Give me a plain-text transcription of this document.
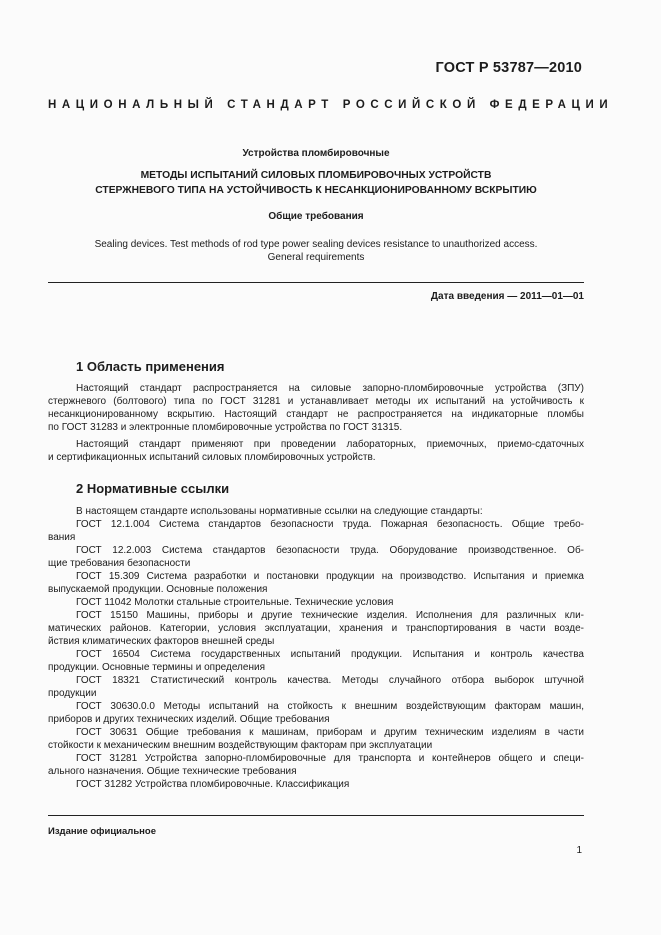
ГОСТ Р 53787—2010
НАЦИОНАЛЬНЫЙ СТАНДАРТ РОССИЙСКОЙ ФЕДЕРАЦИИ
Устройства пломбировочные
МЕТОДЫ ИСПЫТАНИЙ СИЛОВЫХ ПЛОМБИРОВОЧНЫХ УСТРОЙСТВ
СТЕРЖНЕВОГО ТИПА НА УСТОЙЧИВОСТЬ К НЕСАНКЦИОНИРОВАННОМУ ВСКРЫТИЮ
Общие требования
Sealing devices. Test methods of rod type power sealing devices resistance to unauthorized access.
General requirements
Дата введения — 2011—01—01
1 Область применения
Настоящий стандарт распространяется на силовые запорно-пломбировочные устройства (ЗПУ)
стержневого (болтового) типа по ГОСТ 31281 и устанавливает методы их испытаний на устойчивость к
несанкционированному вскрытию. Настоящий стандарт не распространяется на индикаторные пломбы
по ГОСТ 31283 и электронные пломбировочные устройства по ГОСТ 31315.
Настоящий стандарт применяют при проведении лабораторных, приемочных, приемо-сдаточных
и сертификационных испытаний силовых пломбировочных устройств.
2 Нормативные ссылки
В настоящем стандарте использованы нормативные ссылки на следующие стандарты:
ГОСТ 12.1.004 Система стандартов безопасности труда. Пожарная безопасность. Общие требо-
вания
ГОСТ 12.2.003 Система стандартов безопасности труда. Оборудование производственное. Об-
щие требования безопасности
ГОСТ 15.309 Система разработки и постановки продукции на производство. Испытания и приемка
выпускаемой продукции. Основные положения
ГОСТ 11042 Молотки стальные строительные. Технические условия
ГОСТ 15150 Машины, приборы и другие технические изделия. Исполнения для различных кли-
матических районов. Категории, условия эксплуатации, хранения и транспортирования в части возде-
йствия климатических факторов внешней среды
ГОСТ 16504 Система государственных испытаний продукции. Испытания и контроль качества
продукции. Основные термины и определения
ГОСТ 18321 Статистический контроль качества. Методы случайного отбора выборок штучной
продукции
ГОСТ 30630.0.0 Методы испытаний на стойкость к внешним воздействующим факторам машин,
приборов и других технических изделий. Общие требования
ГОСТ 30631 Общие требования к машинам, приборам и другим техническим изделиям в части
стойкости к механическим внешним воздействующим факторам при эксплуатации
ГОСТ 31281 Устройства запорно-пломбировочные для транспорта и контейнеров общего и специ-
ального назначения. Общие технические требования
ГОСТ 31282 Устройства пломбировочные. Классификация
Издание официальное
1
